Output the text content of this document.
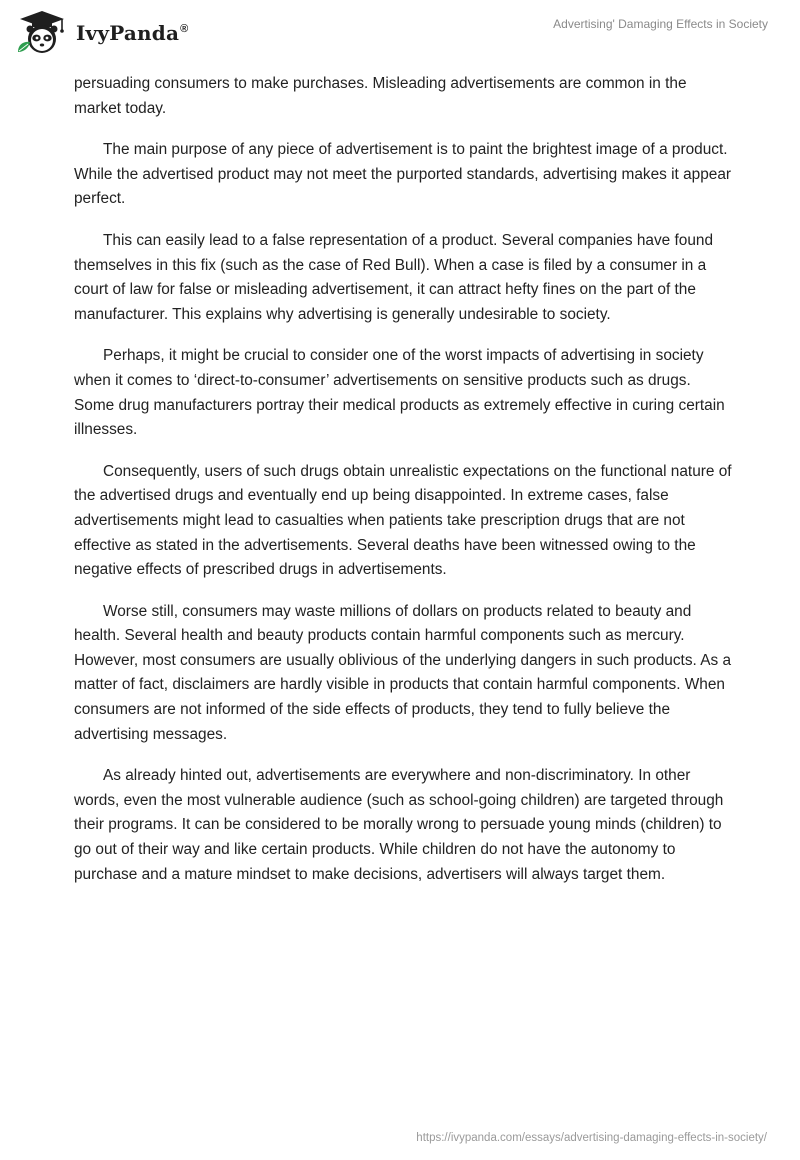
IvyPanda®	Advertising' Damaging Effects in Society

persuading consumers to make purchases. Misleading advertisements are common in the market today.

The main purpose of any piece of advertisement is to paint the brightest image of a product. While the advertised product may not meet the purported standards, advertising makes it appear perfect.

This can easily lead to a false representation of a product. Several companies have found themselves in this fix (such as the case of Red Bull). When a case is filed by a consumer in a court of law for false or misleading advertisement, it can attract hefty fines on the part of the manufacturer. This explains why advertising is generally undesirable to society.

Perhaps, it might be crucial to consider one of the worst impacts of advertising in society when it comes to ‘direct-to-consumer’ advertisements on sensitive products such as drugs. Some drug manufacturers portray their medical products as extremely effective in curing certain illnesses.

Consequently, users of such drugs obtain unrealistic expectations on the functional nature of the advertised drugs and eventually end up being disappointed. In extreme cases, false advertisements might lead to casualties when patients take prescription drugs that are not effective as stated in the advertisements. Several deaths have been witnessed owing to the negative effects of prescribed drugs in advertisements.

Worse still, consumers may waste millions of dollars on products related to beauty and health. Several health and beauty products contain harmful components such as mercury. However, most consumers are usually oblivious of the underlying dangers in such products. As a matter of fact, disclaimers are hardly visible in products that contain harmful components. When consumers are not informed of the side effects of products, they tend to fully believe the advertising messages.

As already hinted out, advertisements are everywhere and non-discriminatory. In other words, even the most vulnerable audience (such as school-going children) are targeted through their programs. It can be considered to be morally wrong to persuade young minds (children) to go out of their way and like certain products. While children do not have the autonomy to purchase and a mature mindset to make decisions, advertisers will always target them.

https://ivypanda.com/essays/advertising-damaging-effects-in-society/
